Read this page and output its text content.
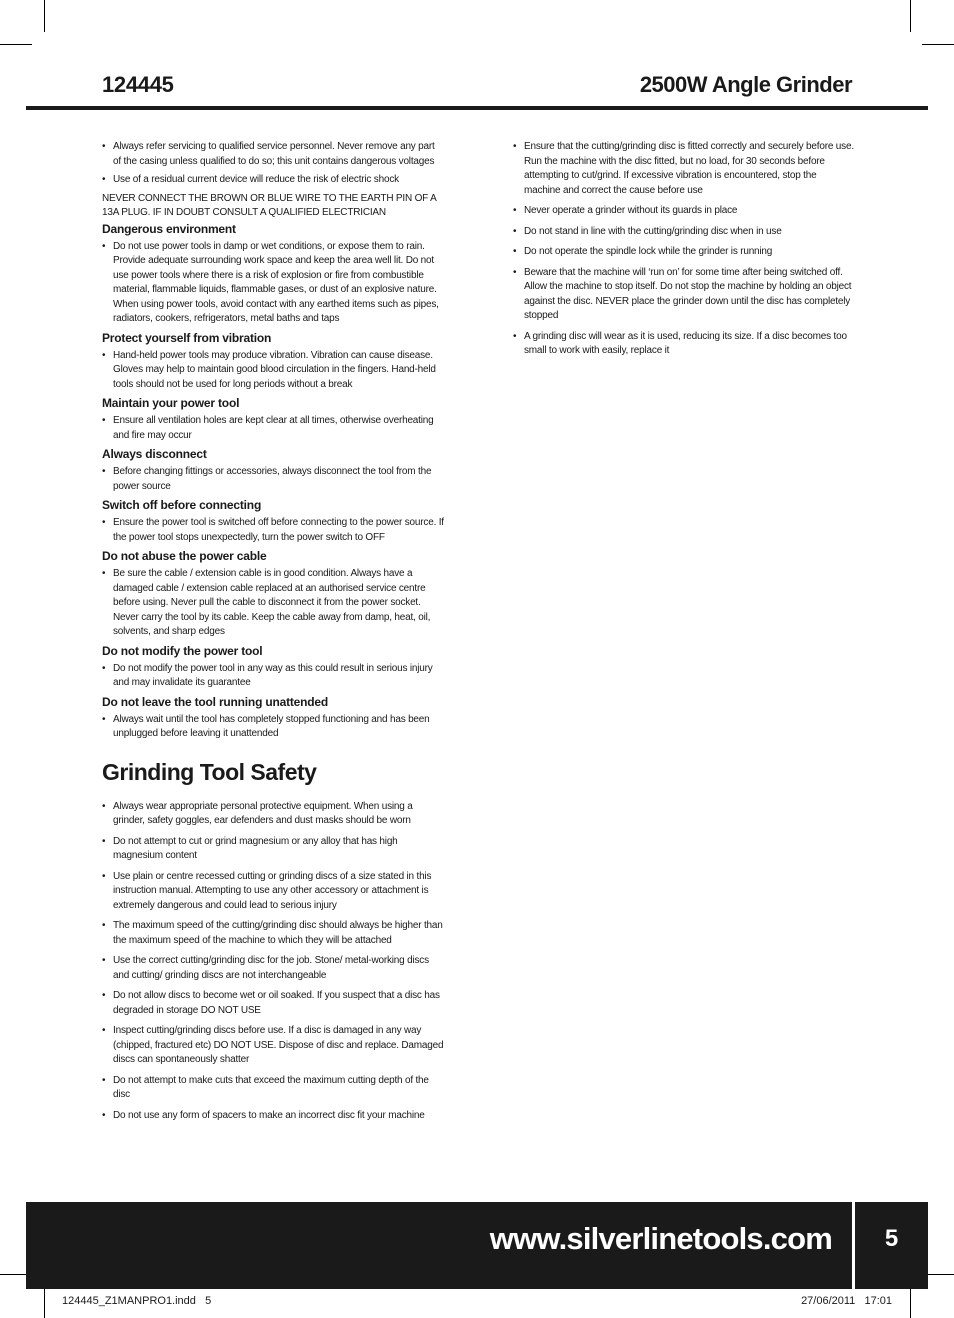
124445	2500W Angle Grinder
• Always refer servicing to qualified service personnel. Never remove any part of the casing unless qualified to do so; this unit contains dangerous voltages
• Use of a residual current device will reduce the risk of electric shock
NEVER CONNECT THE BROWN OR BLUE WIRE TO THE EARTH PIN OF A 13A PLUG. IF IN DOUBT CONSULT A QUALIFIED ELECTRICIAN
Dangerous environment
• Do not use power tools in damp or wet conditions, or expose them to rain. Provide adequate surrounding work space and keep the area well lit. Do not use power tools where there is a risk of explosion or fire from combustible material, flammable liquids, flammable gases, or dust of an explosive nature. When using power tools, avoid contact with any earthed items such as pipes, radiators, cookers, refrigerators, metal baths and taps
Protect yourself from vibration
• Hand-held power tools may produce vibration. Vibration can cause disease. Gloves may help to maintain good blood circulation in the fingers. Hand-held tools should not be used for long periods without a break
Maintain your power tool
• Ensure all ventilation holes are kept clear at all times, otherwise overheating and fire may occur
Always disconnect
• Before changing fittings or accessories, always disconnect the tool from the power source
Switch off before connecting
• Ensure the power tool is switched off before connecting to the power source. If the power tool stops unexpectedly, turn the power switch to OFF
Do not abuse the power cable
• Be sure the cable / extension cable is in good condition. Always have a damaged cable / extension cable replaced at an authorised service centre before using. Never pull the cable to disconnect it from the power socket. Never carry the tool by its cable. Keep the cable away from damp, heat, oil, solvents, and sharp edges
Do not modify the power tool
• Do not modify the power tool in any way as this could result in serious injury and may invalidate its guarantee
Do not leave the tool running unattended
• Always wait until the tool has completely stopped functioning and has been unplugged before leaving it unattended
Grinding Tool Safety
• Always wear appropriate personal protective equipment. When using a grinder, safety goggles, ear defenders and dust masks should be worn
• Do not attempt to cut or grind magnesium or any alloy that has high magnesium content
• Use plain or centre recessed cutting or grinding discs of a size stated in this instruction manual. Attempting to use any other accessory or attachment is extremely dangerous and could lead to serious injury
• The maximum speed of the cutting/grinding disc should always be higher than the maximum speed of the machine to which they will be attached
• Use the correct cutting/grinding disc for the job. Stone/ metal-working discs and cutting/ grinding discs are not interchangeable
• Do not allow discs to become wet or oil soaked. If you suspect that a disc has degraded in storage DO NOT USE
• Inspect cutting/grinding discs before use. If a disc is damaged in any way (chipped, fractured etc) DO NOT USE. Dispose of disc and replace. Damaged discs can spontaneously shatter
• Do not attempt to make cuts that exceed the maximum cutting depth of the disc
• Do not use any form of spacers to make an incorrect disc fit your machine
• Ensure that the cutting/grinding disc is fitted correctly and securely before use. Run the machine with the disc fitted, but no load, for 30 seconds before attempting to cut/grind. If excessive vibration is encountered, stop the machine and correct the cause before use
• Never operate a grinder without its guards in place
• Do not stand in line with the cutting/grinding disc when in use
• Do not operate the spindle lock while the grinder is running
• Beware that the machine will ‘run on’ for some time after being switched off. Allow the machine to stop itself. Do not stop the machine by holding an object against the disc. NEVER place the grinder down until the disc has completely stopped
• A grinding disc will wear as it is used, reducing its size. If a disc becomes too small to work with easily, replace it
www.silverlinetools.com	5
124445_Z1MANPRO1.indd   5	27/06/2011   17:01
